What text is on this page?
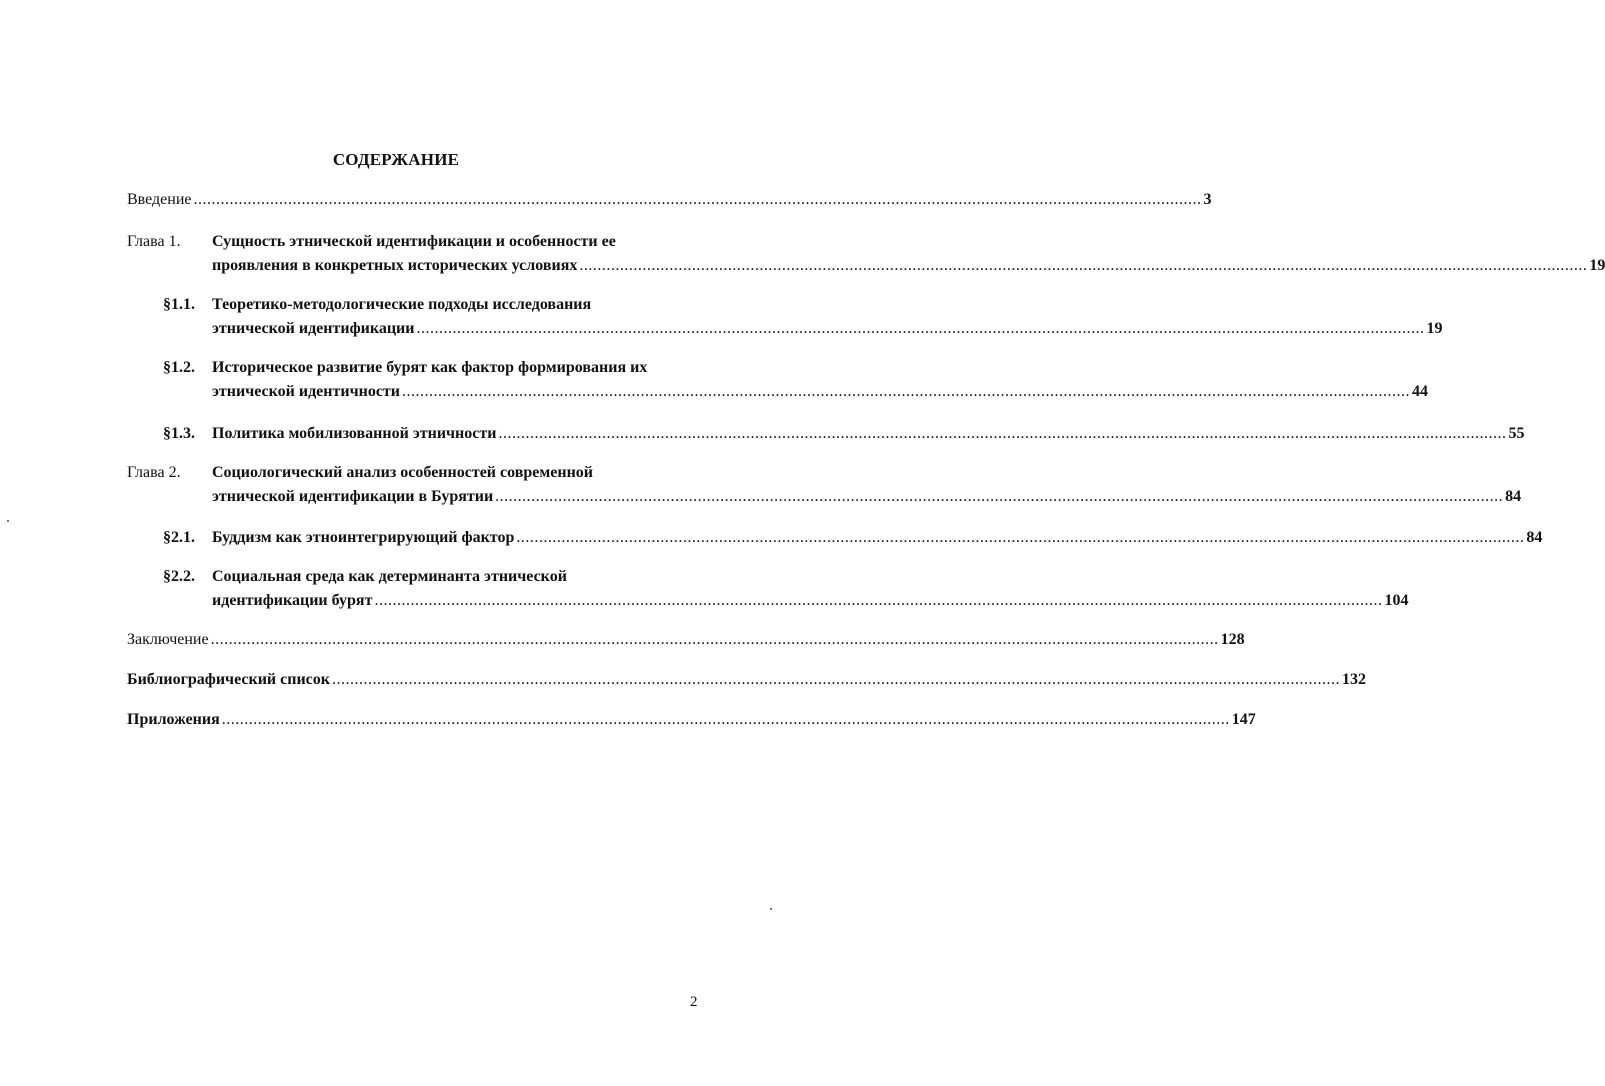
СОДЕРЖАНИЕ
Введение ................................................................................................................................................................................................................................ 3
Глава 1. Сущность этнической идентификации и особенности ее
проявления в конкретных исторических условиях ................................................................................................................................................................................................................................ 19
§1.1. Теоретико-методологические подходы исследования
этнической идентификации ................................................................................................................................................................................................................................ 19
§1.2. Историческое развитие бурят как фактор формирования их
этнической идентичности ................................................................................................................................................................................................................................ 44
§1.3. Политика мобилизованной этничности ................................................................................................................................................................................................................................ 55
Глава 2. Социологический анализ особенностей современной
этнической идентификации в Бурятии ................................................................................................................................................................................................................................ 84
§2.1. Буддизм как этноинтегрирующий фактор ................................................................................................................................................................................................................................ 84
§2.2. Социальная среда как детерминанта этнической
идентификации бурят ................................................................................................................................................................................................................................ 104
Заключение ................................................................................................................................................................................................................................ 128
Библиографический список ................................................................................................................................................................................................................................ 132
Приложения ................................................................................................................................................................................................................................ 147
2
